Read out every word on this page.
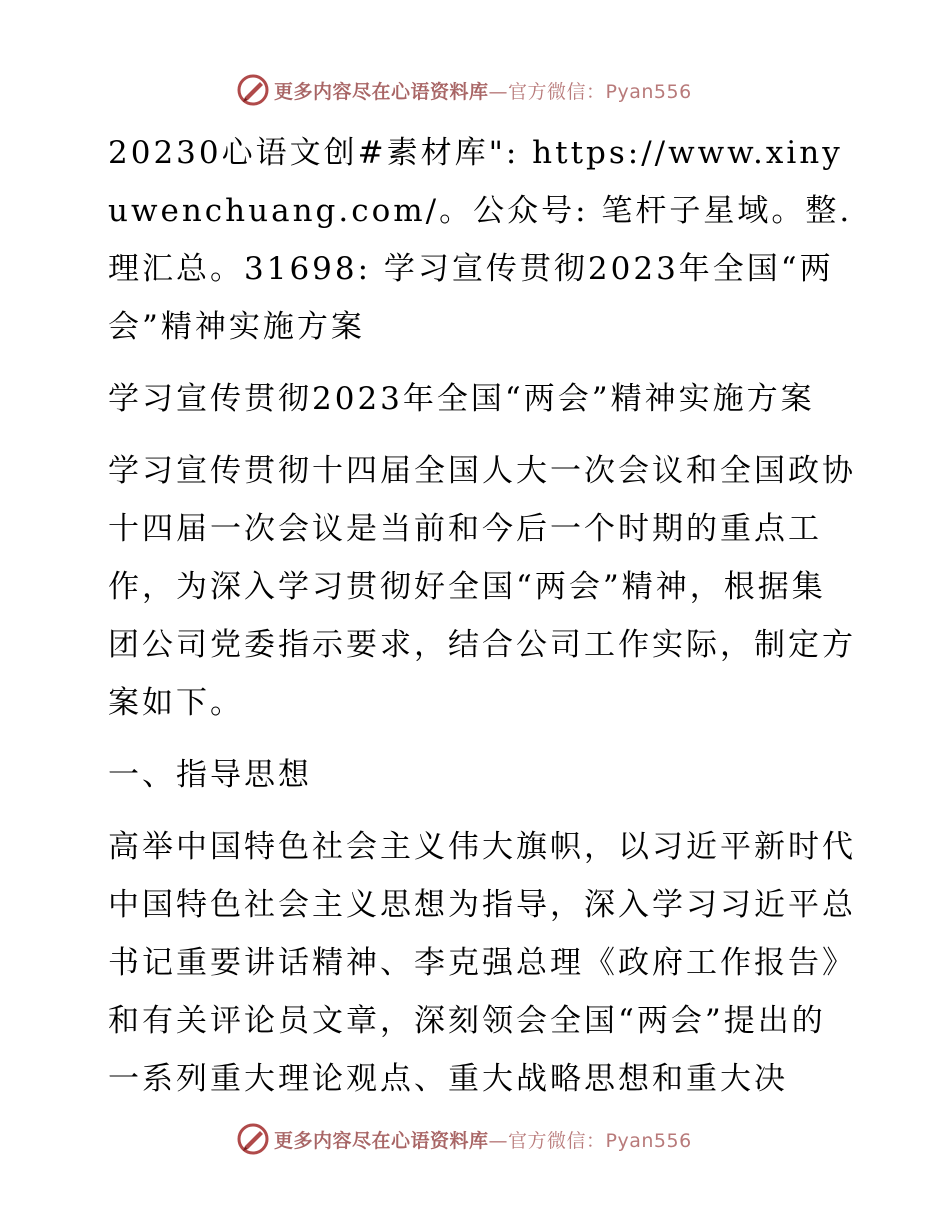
更多内容尽在心语资料库—官方微信：Pyan556

20230心语文创#素材库": https://www.xinyuwenchuang.com/。公众号: 笔杆子星域。整.理汇总。31698: 学习宣传贯彻2023年全国“两会”精神实施方案

学习宣传贯彻2023年全国“两会”精神实施方案

学习宣传贯彻十四届全国人大一次会议和全国政协十四届一次会议是当前和今后一个时期的重点工作，为深入学习贯彻好全国“两会”精神，根据集团公司党委指示要求，结合公司工作实际，制定方案如下。

一、指导思想

高举中国特色社会主义伟大旗帜，以习近平新时代中国特色社会主义思想为指导，深入学习习近平总书记重要讲话精神、李克强总理《政府工作报告》和有关评论员文章，深刻领会全国“两会”提出的一系列重大理论观点、重大战略思想和重大决

更多内容尽在心语资料库—官方微信：Pyan556
